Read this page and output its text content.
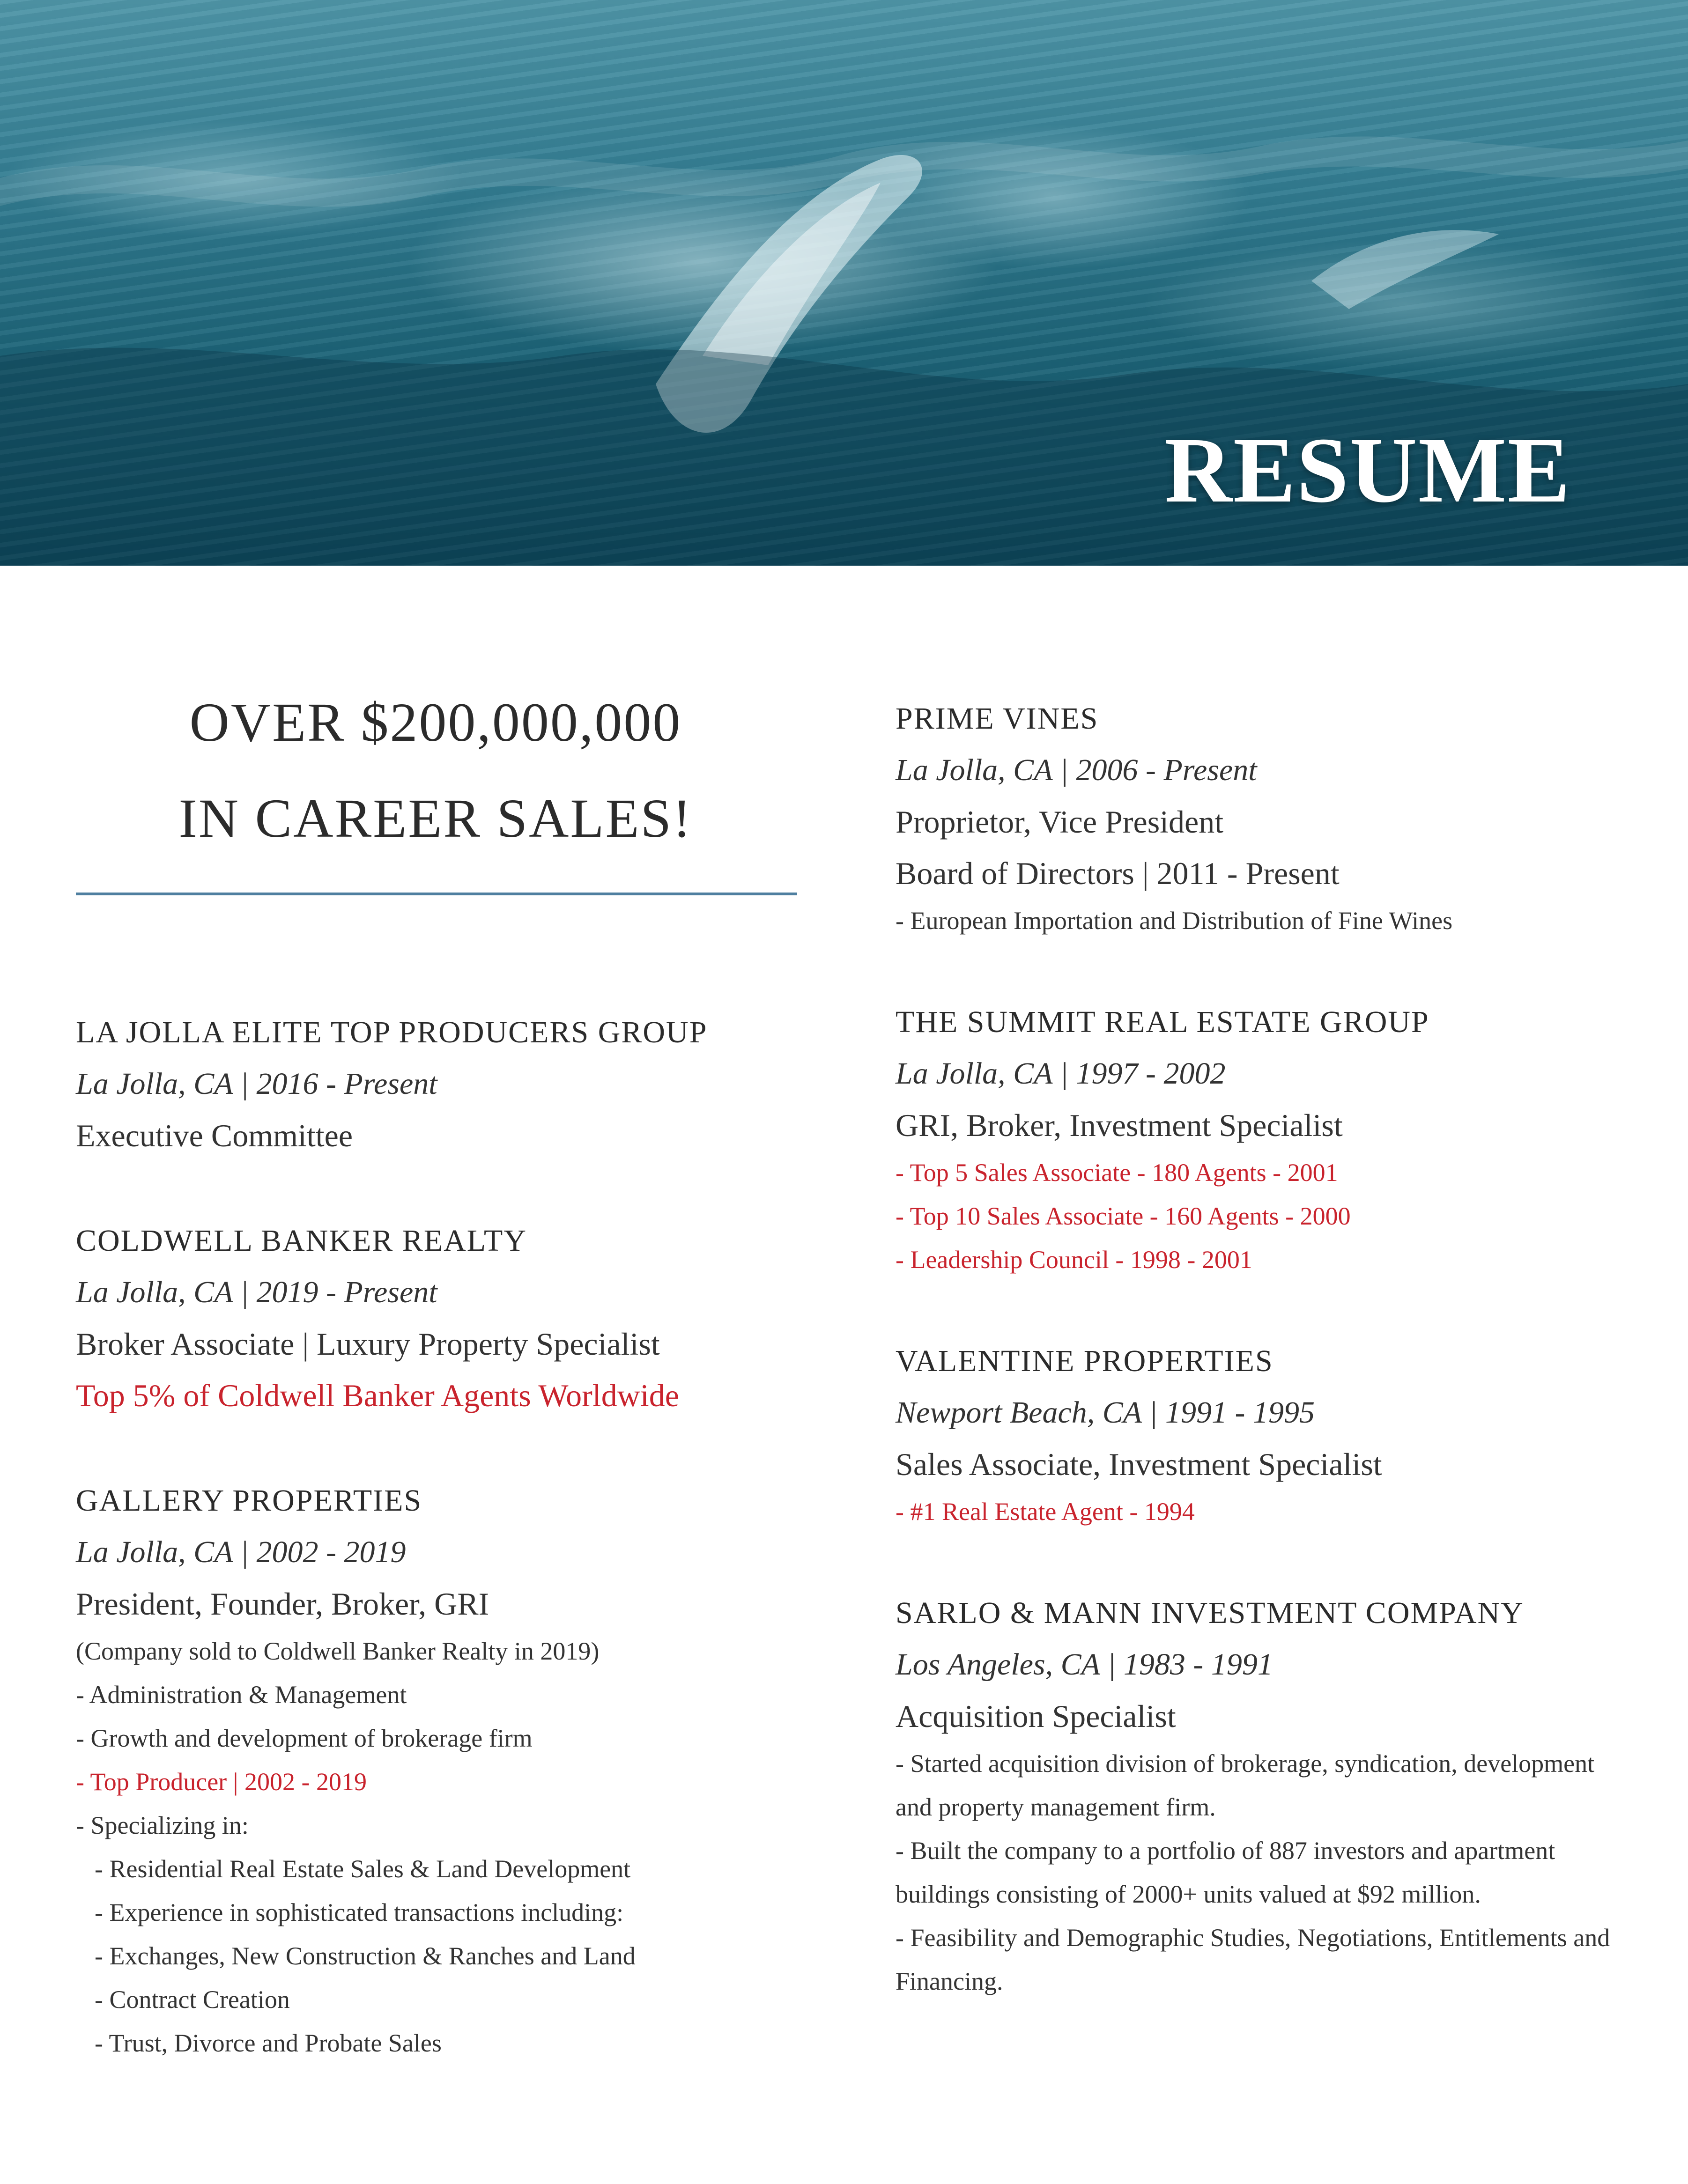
RESUME
OVER $200,000,000
IN CAREER SALES!
LA JOLLA ELITE TOP PRODUCERS GROUP
La Jolla, CA | 2016 - Present
Executive Committee
COLDWELL BANKER REALTY
La Jolla, CA | 2019 - Present
Broker Associate | Luxury Property Specialist
Top 5% of Coldwell Banker Agents Worldwide
GALLERY PROPERTIES
La Jolla, CA | 2002 - 2019
President, Founder, Broker, GRI
(Company sold to Coldwell Banker Realty in 2019)
- Administration & Management
- Growth and development of brokerage firm
- Top Producer | 2002 - 2019
- Specializing in:
- Residential Real Estate Sales & Land Development
- Experience in sophisticated transactions including:
- Exchanges, New Construction & Ranches and Land
- Contract Creation
- Trust, Divorce and Probate Sales
PRIME VINES
La Jolla, CA | 2006 - Present
Proprietor, Vice President
Board of Directors | 2011 - Present
- European Importation and Distribution of Fine Wines
THE SUMMIT REAL ESTATE GROUP
La Jolla, CA | 1997 - 2002
GRI, Broker, Investment Specialist
- Top 5 Sales Associate - 180 Agents - 2001
- Top 10 Sales Associate - 160 Agents - 2000
- Leadership Council - 1998 - 2001
VALENTINE PROPERTIES
Newport Beach, CA | 1991 - 1995
Sales Associate, Investment Specialist
- #1 Real Estate Agent - 1994
SARLO & MANN INVESTMENT COMPANY
Los Angeles, CA | 1983 - 1991
Acquisition Specialist
- Started acquisition division of brokerage, syndication, development and property management firm.
- Built the company to a portfolio of 887 investors and apartment buildings consisting of 2000+ units valued at $92 million.
- Feasibility and Demographic Studies, Negotiations, Entitlements and Financing.
